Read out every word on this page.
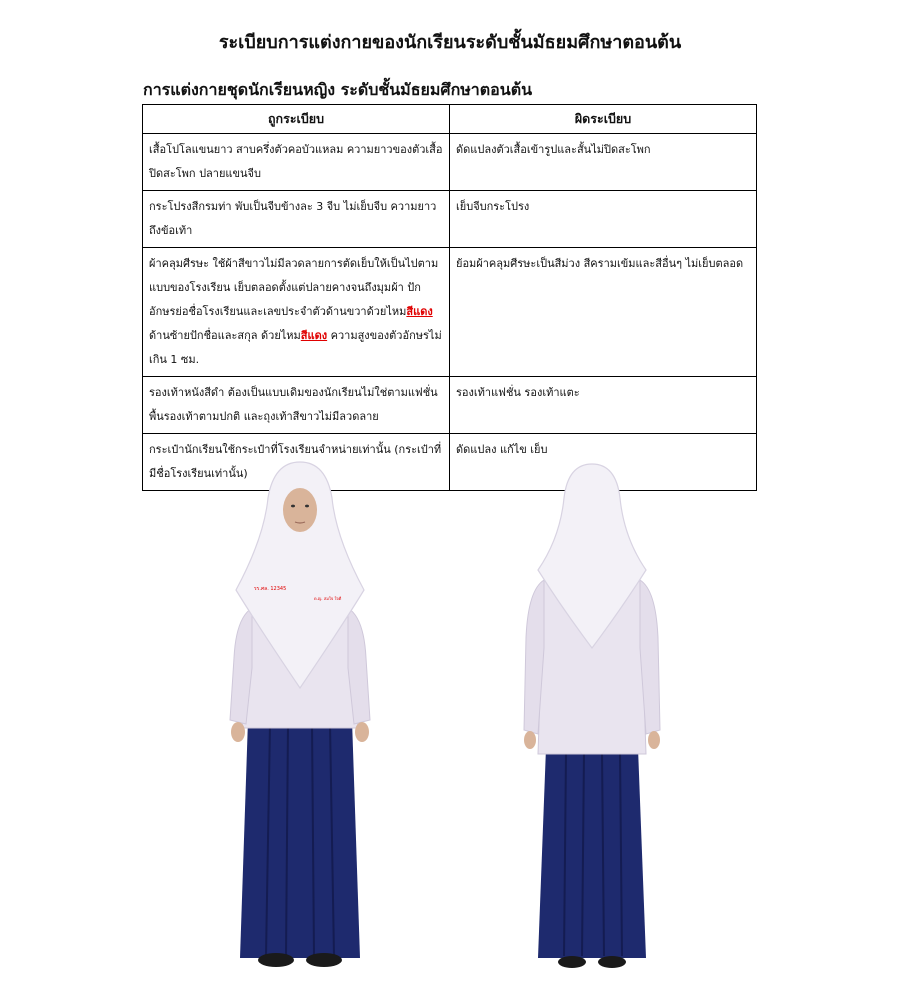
ระเบียบการแต่งกายของนักเรียนระดับชั้นมัธยมศึกษาตอนต้น
การแต่งกายชุดนักเรียนหญิง ระดับชั้นมัธยมศึกษาตอนต้น
ถูกระเบียบ	ผิดระเบียบ
เสื้อโปโลแขนยาว สาบครึ่งตัวคอบัวแหลม ความยาวของตัวเสื้อปิดสะโพก ปลายแขนจีบ	ดัดแปลงตัวเสื้อเข้ารูปและสั้นไม่ปิดสะโพก
กระโปรงสีกรมท่า พับเป็นจีบข้างละ 3 จีบ ไม่เย็บจีบ ความยาวถึงข้อเท้า	เย็บจีบกระโปรง
ผ้าคลุมศีรษะ ใช้ผ้าสีขาวไม่มีลวดลายการตัดเย็บให้เป็นไปตามแบบของโรงเรียน เย็บตลอดตั้งแต่ปลายคางจนถึงมุมผ้า ปักอักษรย่อชื่อโรงเรียนและเลขประจำตัวด้านขวาด้วยไหมสีแดง ด้านซ้ายปักชื่อและสกุล ด้วยไหมสีแดง ความสูงของตัวอักษรไม่เกิน 1 ซม.	ย้อมผ้าคลุมศีรษะเป็นสีม่วง สีครามเข้มและสีอื่นๆ ไม่เย็บตลอด
รองเท้าหนังสีดำ ต้องเป็นแบบเดิมของนักเรียนไม่ใช่ตามแฟชั่น พื้นรองเท้าตามปกติ และถุงเท้าสีขาวไม่มีลวดลาย	รองเท้าแฟชั่น รองเท้าแตะ
กระเป๋านักเรียนใช้กระเป๋าที่โรงเรียนจำหน่ายเท่านั้น (กระเป๋าที่มีชื่อโรงเรียนเท่านั้น)	ดัดแปลง แก้ไข เย็บ
รร.ศล. 12345
ด.ญ. สมใจ ใจดี
